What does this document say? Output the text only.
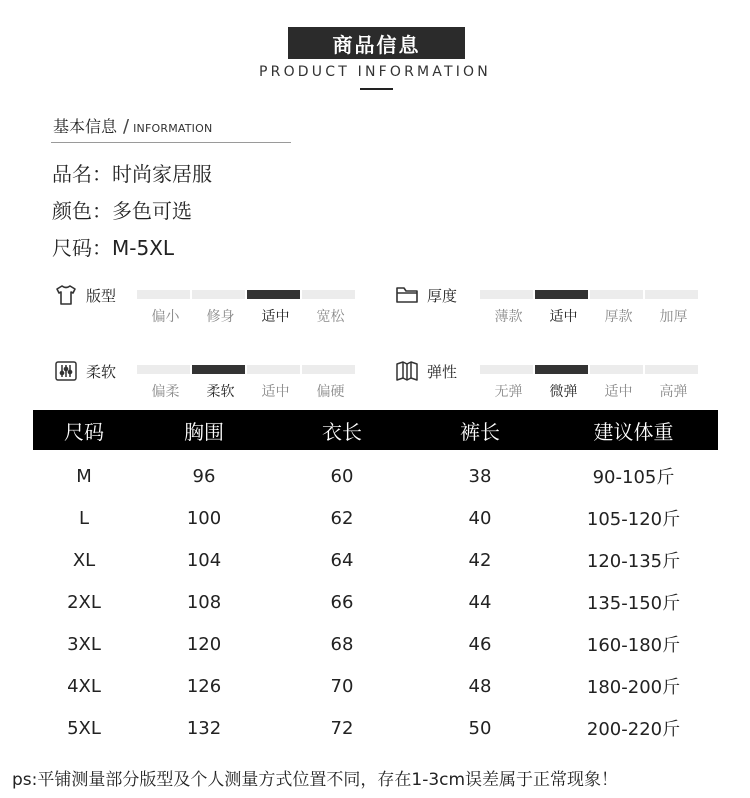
商品信息
PRODUCT INFORMATION
基本信息 / INFORMATION
品名：时尚家居服
颜色：多色可选
尺码：M-5XL
版型
偏小	修身	适中	宽松
厚度
薄款	适中	厚款	加厚
柔软
偏柔	柔软	适中	偏硬
弹性
无弹	微弹	适中	高弹
尺码	胸围	衣长	裤长	建议体重
M	96	60	38	90-105斤
L	100	62	40	105-120斤
XL	104	64	42	120-135斤
2XL	108	66	44	135-150斤
3XL	120	68	46	160-180斤
4XL	126	70	48	180-200斤
5XL	132	72	50	200-220斤
ps:平铺测量部分版型及个人测量方式位置不同，存在1-3cm误差属于正常现象！
